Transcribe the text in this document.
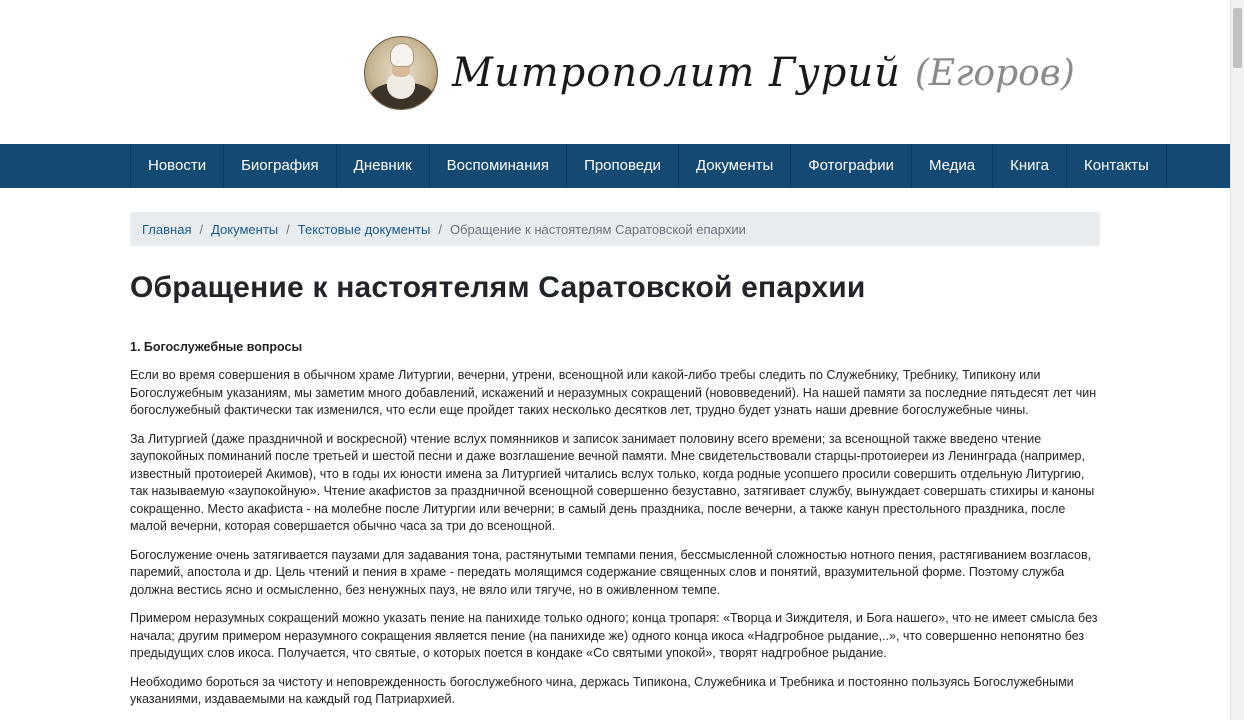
Митрополит Гурий (Егоров)
Новости	Биография	Дневник	Воспоминания	Проповеди	Документы	Фотографии	Медиа	Книга	Контакты
Главная / Документы / Текстовые документы / Обращение к настоятелям Саратовской епархии
Обращение к настоятелям Саратовской епархии
1. Богослужебные вопросы

Если во время совершения в обычном храме Литургии, вечерни, утрени, всенощной или какой-либо требы следить по Служебнику, Требнику, Типикону или Богослужебным указаниям, мы заметим много добавлений, искажений и неразумных сокращений (нововведений). На нашей памяти за последние пятьдесят лет чин богослужебный фактически так изменился, что если еще пройдет таких несколько десятков лет, трудно будет узнать наши древние богослужебные чины.

За Литургией (даже праздничной и воскресной) чтение вслух помянников и записок занимает половину всего времени; за всенощной также введено чтение заупокойных поминаний после третьей и шестой песни и даже возглашение вечной памяти. Мне свидетельствовали старцы-протоиереи из Ленинграда (например, известный протоиерей Акимов), что в годы их юности имена за Литургией читались вслух только, когда родные усопшего просили совершить отдельную Литургию, так называемую «заупокойную». Чтение акафистов за праздничной всенощной совершенно безуставно, затягивает службу, вынуждает совершать стихиры и каноны сокращенно. Место акафиста - на молебне после Литургии или вечерни; в самый день праздника, после вечерни, а также канун престольного праздника, после малой вечерни, которая совершается обычно часа за три до всенощной.

Богослужение очень затягивается паузами для задавания тона, растянутыми темпами пения, бессмысленной сложностью нотного пения, растягиванием возгласов, паремий, апостола и др. Цель чтений и пения в храме - передать молящимся содержание священных слов и понятий, вразумительной форме. Поэтому служба должна вестись ясно и осмысленно, без ненужных пауз, не вяло или тягуче, но в оживленном темпе.

Примером неразумных сокращений можно указать пение на панихиде только одного; конца тропаря: «Творца и Зиждителя, и Бога нашего», что не имеет смысла без начала; другим примером неразумного сокращения является пение (на панихиде же) одного конца икоса «Надгробное рыдание,..», что совершенно непонятно без предыдущих слов икоса. Получается, что святые, о которых поется в кондаке «Со святыми упокой», творят надгробное рыдание.

Необходимо бороться за чистоту и неповрежденность богослужебного чина, держась Типикона, Служебника и Требника и постоянно пользуясь Богослужебными указаниями, издаваемыми на каждый год Патриархией.
